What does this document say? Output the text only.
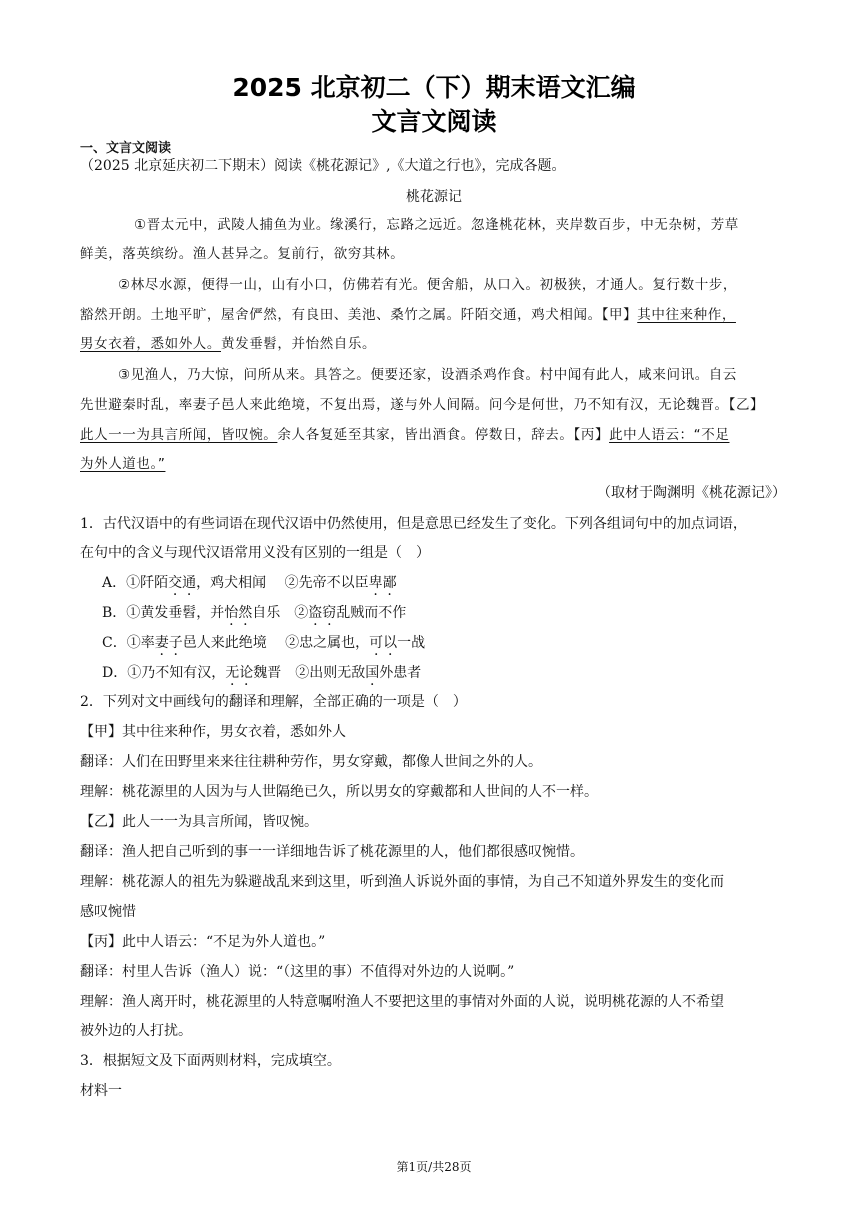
2025 北京初二（下）期末语文汇编
文言文阅读
一、文言文阅读
（2025 北京延庆初二下期末）阅读《桃花源记》,《大道之行也》，完成各题。
桃花源记
①晋太元中，武陵人捕鱼为业。缘溪行，忘路之远近。忽逢桃花林，夹岸数百步，中无杂树，芳草
鲜美，落英缤纷。渔人甚异之。复前行，欲穷其林。
②林尽水源，便得一山，山有小口，仿佛若有光。便舍船，从口入。初极狭，才通人。复行数十步，
豁然开朗。土地平旷，屋舍俨然，有良田、美池、桑竹之属。阡陌交通，鸡犬相闻。【甲】其中往来种作，
男女衣着，悉如外人。黄发垂髫，并怡然自乐。
③见渔人，乃大惊，问所从来。具答之。便要还家，设酒杀鸡作食。村中闻有此人，咸来问讯。自云
先世避秦时乱，率妻子邑人来此绝境，不复出焉，遂与外人间隔。问今是何世，乃不知有汉，无论魏晋。【乙】
此人一一为具言所闻，皆叹惋。余人各复延至其家，皆出酒食。停数日，辞去。【丙】此中人语云：“不足
为外人道也。”
（取材于陶渊明《桃花源记》）
1．古代汉语中的有些词语在现代汉语中仍然使用，但是意思已经发生了变化。下列各组词句中的加点词语，
在句中的含义与现代汉语常用义没有区别的一组是（　）
A．①阡陌交通，鸡犬相闻　 ②先帝不以臣卑鄙
B．①黄发垂髫，并怡然自乐　②盗窃乱贼而不作
C．①率妻子邑人来此绝境　 ②忠之属也，可以一战
D．①乃不知有汉，无论魏晋　②出则无敌国外患者
2．下列对文中画线句的翻译和理解，全部正确的一项是（　）
【甲】其中往来种作，男女衣着，悉如外人
翻译：人们在田野里来来往往耕种劳作，男女穿戴，都像人世间之外的人。
理解：桃花源里的人因为与人世隔绝已久，所以男女的穿戴都和人世间的人不一样。
【乙】此人一一为具言所闻，皆叹惋。
翻译：渔人把自己听到的事一一详细地告诉了桃花源里的人，他们都很感叹惋惜。
理解：桃花源人的祖先为躲避战乱来到这里，听到渔人诉说外面的事情，为自己不知道外界发生的变化而
感叹惋惜
【丙】此中人语云：“不足为外人道也。”
翻译：村里人告诉（渔人）说：“（这里的事）不值得对外边的人说啊。”
理解：渔人离开时，桃花源里的人特意嘱咐渔人不要把这里的事情对外面的人说，说明桃花源的人不希望
被外边的人打扰。
3．根据短文及下面两则材料，完成填空。
材料一
第1页/共28页
